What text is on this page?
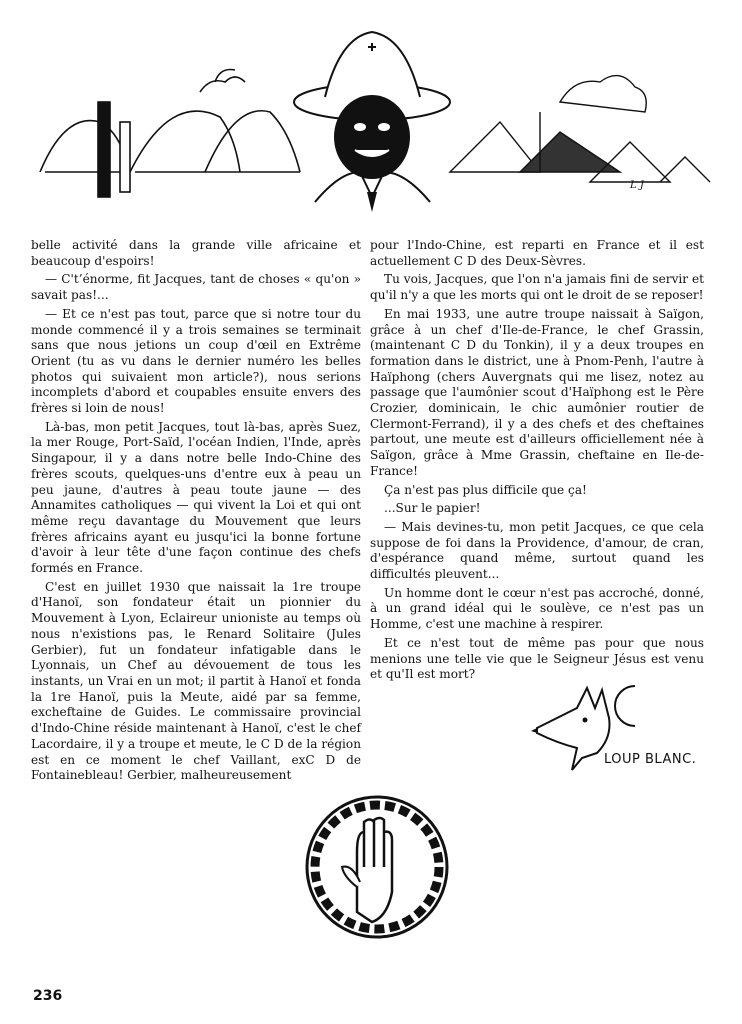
L J

belle activité dans la grande ville africaine et beaucoup d'espoirs!

— C't’énorme, fit Jacques, tant de choses « qu'on » savait pas!...

— Et ce n'est pas tout, parce que si notre tour du monde commencé il y a trois semaines se terminait sans que nous jetions un coup d'œil en Extrême Orient (tu as vu dans le dernier numéro les belles photos qui suivaient mon article?), nous serions incomplets d'abord et coupables ensuite envers des frères si loin de nous!

Là-bas, mon petit Jacques, tout là-bas, après Suez, la mer Rouge, Port-Saïd, l'océan Indien, l'Inde, après Singapour, il y a dans notre belle Indo-Chine des frères scouts, quelques-uns d'entre eux à peau un peu jaune, d'autres à peau toute jaune — des Annamites catholiques — qui vivent la Loi et qui ont même reçu davantage du Mouvement que leurs frères africains ayant eu jusqu'ici la bonne fortune d'avoir à leur tête d'une façon continue des chefs formés en France.

C'est en juillet 1930 que naissait la 1re troupe d'Hanoï, son fondateur était un pionnier du Mouvement à Lyon, Eclaireur unioniste au temps où nous n'existions pas, le Renard Solitaire (Jules Gerbier), fut un fondateur infatigable dans le Lyonnais, un Chef au dévouement de tous les instants, un Vrai en un mot; il partit à Hanoï et fonda la 1re Hanoï, puis la Meute, aidé par sa femme, excheftaine de Guides. Le commissaire provincial d'Indo-Chine réside maintenant à Hanoï, c'est le chef Lacordaire, il y a troupe et meute, le C D de la région est en ce moment le chef Vaillant, exC D de Fontainebleau! Gerbier, malheureusement

pour l'Indo-Chine, est reparti en France et il est actuellement C D des Deux-Sèvres.

Tu vois, Jacques, que l'on n'a jamais fini de servir et qu'il n'y a que les morts qui ont le droit de se reposer!

En mai 1933, une autre troupe naissait à Saïgon, grâce à un chef d'Ile-de-France, le chef Grassin, (maintenant C D du Tonkin), il y a deux troupes en formation dans le district, une à Pnom-Penh, l'autre à Haïphong (chers Auvergnats qui me lisez, notez au passage que l'aumônier scout d'Haïphong est le Père Crozier, dominicain, le chic aumônier routier de Clermont-Ferrand), il y a des chefs et des cheftaines partout, une meute est d'ailleurs officiellement née à Saïgon, grâce à Mme Grassin, cheftaine en Ile-de-France!

Ça n'est pas plus difficile que ça!

...Sur le papier!

— Mais devines-tu, mon petit Jacques, ce que cela suppose de foi dans la Providence, d'amour, de cran, d'espérance quand même, surtout quand les difficultés pleuvent...

Un homme dont le cœur n'est pas accroché, donné, à un grand idéal qui le soulève, ce n'est pas un Homme, c'est une machine à respirer.

Et ce n'est tout de même pas pour que nous menions une telle vie que le Seigneur Jésus est venu et qu'Il est mort?

LOUP BLANC.
236
